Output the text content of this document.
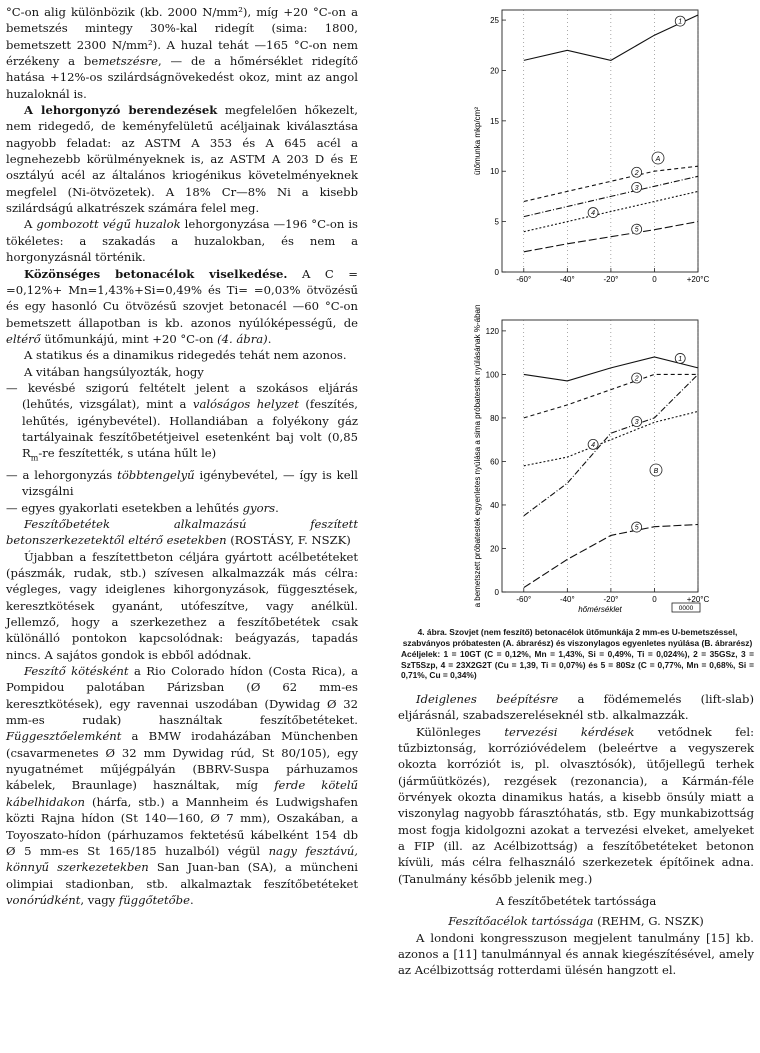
°C-on alig különbözik (kb. 2000 N/mm²), míg +20 °C-on a bemetszés mintegy 30%-kal ridegít (sima: 1800, bemetszett 2300 N/mm²). A huzal tehát —165 °C-on nem érzékeny a bemetszésre, — de a hőmérséklet ridegítő hatása +12%-os szilárdságnövekedést okoz, mint az angol huzaloknál is.

A lehorgonyzó berendezések megfelelően hőkezelt, nem ridegedő, de keményfelületű acéljainak kiválasztása nagyobb feladat: az ASTM A 353 és A 645 acél a legnehezebb körülményeknek is, az ASTM A 203 D és E osztályú acél az általános kriogénikus követelményeknek megfelel (Ni-ötvözetek). A 18% Cr—8% Ni a kisebb szilárdságú alkatrészek számára felel meg.

A gombozott végű huzalok lehorgonyzása —196 °C-on is tökéletes: a szakadás a huzalokban, és nem a horgonyzásnál történik.

Közönséges betonacélok viselkedése. A C = =0,12%+ Mn=1,43%+Si=0,49% és Ti= =0,03% ötvözésű és egy hasonló Cu ötvözésű szovjet betonacél —60 °C-on bemetszett állapotban is kb. azonos nyúlóképességű, de eltérő ütőmunkájú, mint +20 °C-on (4. ábra).

A statikus és a dinamikus ridegedés tehát nem azonos.

A vitában hangsúlyozták, hogy

— kevésbé szigorú feltételt jelent a szokásos eljárás (lehűtés, vizsgálat), mint a valóságos helyzet (feszítés, lehűtés, igénybevétel). Hollandiában a folyékony gáz tartályainak feszítőbetétjeivel esetenként baj volt (0,85 $R_m-re$ feszítették, s utána hűlt le)

— a lehorgonyzás többtengelyű igénybevétel, — így is kell vizsgálni

— egyes gyakorlati esetekben a lehűtés gyors.

Feszítőbetétek alkalmazású feszített betonszerkezetektől eltérő esetekben (ROSTÁSY, F. NSZK)

Újabban a feszítettbeton céljára gyártott acélbetéteket (pászmák, rudak, stb.) szívesen alkalmazzák más célra: végleges, vagy ideiglenes kihorgonyzások, függesztések, keresztkötések gyanánt, utófeszítve, vagy anélkül. Jellemző, hogy a szerkezethez a feszítőbetétek csak különálló pontokon kapcsolódnak: beágyazás, tapadás nincs. A sajátos gondok is ebből adódnak.

Feszítő kötésként a Rio Colorado hídon (Costa Rica), a Pompidou palotában Párizsban (Ø 62 mm-es keresztkötések), egy ravennai uszodában (Dywidag Ø 32 mm-es rudak) használtak feszítőbetéteket. Függesztőelemként a BMW irodaházában Münchenben (csavarmenetes Ø 32 mm Dywidag rúd, St 80/105), egy nyugatnémet műjégpályán (BBRV-Suspa párhuzamos kábelek, Braunlage) használtak, míg ferde kötelű kábelhidakon (hárfa, stb.) a Mannheim és Ludwigshafen közti Rajna hídon (St 140—160, Ø 7 mm), Oszakában, a Toyoszato-hídon (párhuzamos fektetésű kábelként 154 db Ø 5 mm-es St 165/185 huzalból) végül nagy fesztávú, könnyű szerkezetekben San Juan-ban (SA), a müncheni olimpiai stadionban, stb. alkalmaztak feszítőbetéteket vonórúdként, vagy függőtetőbe.

25
20
15
10
5
0
-60°	-40°	-20°	0	+20°C
ütőmunka mkp/cm²
1
2
3
4
5
A
120
100
80
60
40
20
0
-60°	-40°	-20°	0	+20°C
a bemetszett próbatestek egyenletes nyúlása a sima próbatestek nyúlásának %-ában	1
2
3
4
5
B
hőmérséklet	0000
4. ábra. Szovjet (nem feszítő) betonacélok ütőmunkája 2 mm-es U-bemetszéssel, szabványos próbatesten (A. ábrarész) és viszonylagos egyenletes nyúlása (B. ábrarész)
Acéljelek: 1 = 10GT (C = 0,12%, Mn = 1,43%, Si = 0,49%, Ti = 0,024%), 2 = 35GSz, 3 = SzT5Szp, 4 = 23X2G2T (Cu = 1,39, Ti = 0,07%) és 5 = 80Sz (C = 0,77%, Mn = 0,68%, Si = 0,71%, Cu = 0,34%)

Ideiglenes beépítésre a födémemelés (lift-slab) eljárásnál, szabadszereléseknél stb. alkalmazzák.

Különleges tervezési kérdések vetődnek fel: tűzbiztonság, korrózióvédelem (beleértve a vegyszerek okozta korróziót is, pl. olvasztósók), ütőjellegű terhek (járműütközés), rezgések (rezonancia), a Kármán-féle örvények okozta dinamikus hatás, a kisebb önsúly miatt a viszonylag nagyobb fárasztóhatás, stb. Egy munkabizottság most fogja kidolgozni azokat a tervezési elveket, amelyeket a FIP (ill. az Acélbizottság) a feszítőbetéteket betonon kívüli, más célra felhasználó szerkezetek építőinek adna. (Tanulmány később jelenik meg.)

A feszítőbetétek tartóssága

Feszítőacélok tartóssága (REHM, G. NSZK)

A londoni kongresszuson megjelent tanulmány [15] kb. azonos a [11] tanulmánnyal és annak kiegészítésével, amely az Acélbizottság rotterdami ülésén hangzott el.
